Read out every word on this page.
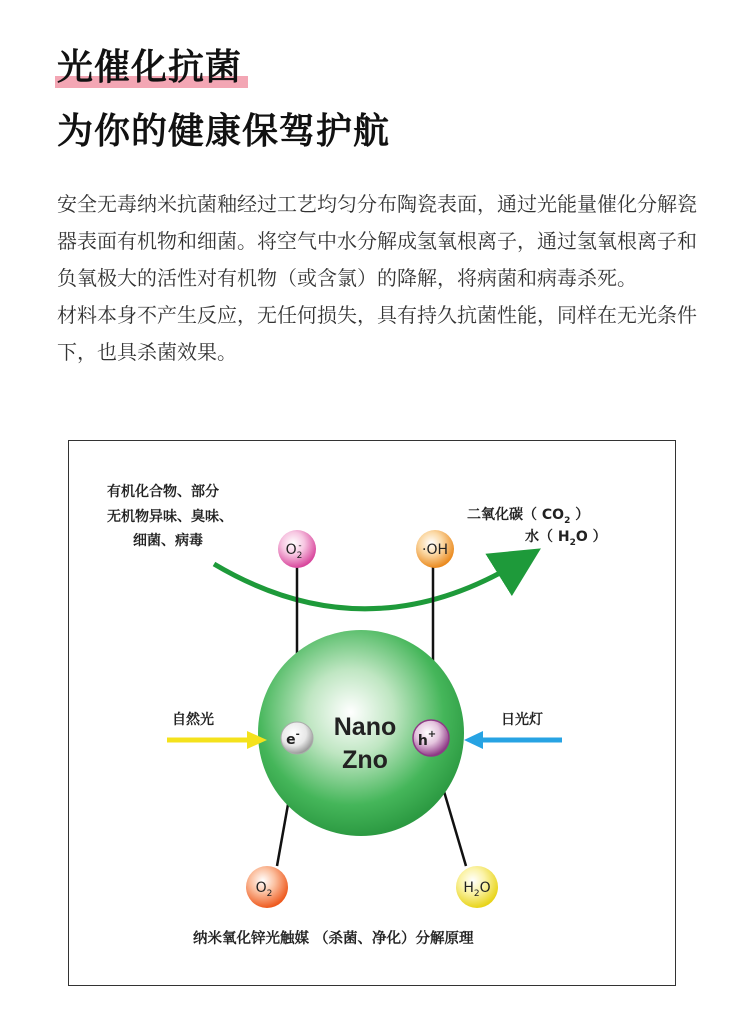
光催化抗菌
为你的健康保驾护航

安全无毒纳米抗菌釉经过工艺均匀分布陶瓷表面，通过光能量催化分解瓷器表面有机物和细菌。将空气中水分解成氢氧根离子，通过氢氧根离子和负氧极大的活性对有机物（或含氯）的降解，将病菌和病毒杀死。

材料本身不产生反应，无任何损失，具有持久抗菌性能，同样在无光条件下，也具杀菌效果。

有机化合物、部分
无机物异味、臭味、
细菌、病毒
二氧化碳（ $CO_2$ ）
水（ $H_2O$ ）
Nano
Zno
e-	h+
$O_2-$	·OH
$O_2$	$H_2O$
自然光	日光灯
纳米氧化锌光触媒 （杀菌、净化）分解原理
